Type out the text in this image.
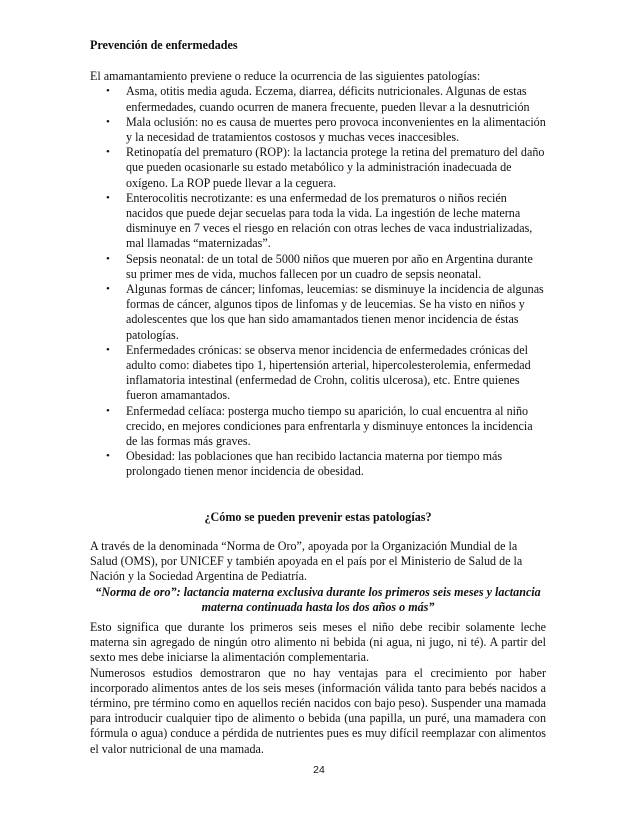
Prevención de enfermedades

El amamantamiento previene o reduce la ocurrencia de las siguientes patologías:

• Asma, otitis media aguda. Eczema, diarrea, déficits nutricionales. Algunas de estas enfermedades, cuando ocurren de manera frecuente, pueden llevar a la desnutrición
• Mala oclusión: no es causa de muertes pero provoca inconvenientes en la alimentación y la necesidad de tratamientos costosos y muchas veces inaccesibles.
• Retinopatía del prematuro (ROP): la lactancia protege la retina del prematuro del daño que pueden ocasionarle su estado metabólico y la administración inadecuada de oxígeno. La ROP puede llevar a la ceguera.
• Enterocolitis necrotizante: es una enfermedad de los prematuros o niños recién nacidos que puede dejar secuelas para toda la vida. La ingestión de leche materna disminuye en 7 veces el riesgo en relación con otras leches de vaca industrializadas, mal llamadas “maternizadas”.
• Sepsis neonatal: de un total de 5000 niños que mueren por año en Argentina durante su primer mes de vida, muchos fallecen por un cuadro de sepsis neonatal.
• Algunas formas de cáncer; linfomas, leucemias: se disminuye la incidencia de algunas formas de cáncer, algunos tipos de linfomas y de leucemias. Se ha visto en niños y adolescentes que los que han sido amamantados tienen menor incidencia de éstas patologías.
• Enfermedades crónicas: se observa menor incidencia de enfermedades crónicas del adulto como: diabetes tipo 1, hipertensión arterial, hipercolesterolemia, enfermedad inflamatoria intestinal (enfermedad de Crohn, colitis ulcerosa), etc. Entre quienes fueron amamantados.
• Enfermedad celíaca: posterga mucho tiempo su aparición, lo cual encuentra al niño crecido, en mejores condiciones para enfrentarla y disminuye entonces la incidencia de las formas más graves.
• Obesidad: las poblaciones que han recibido lactancia materna por tiempo más prolongado tienen menor incidencia de obesidad.
¿Cómo se pueden prevenir estas patologías?

A través de la denominada “Norma de Oro”, apoyada por la Organización Mundial de la Salud (OMS), por UNICEF y también apoyada en el país por el Ministerio de Salud de la Nación y la Sociedad Argentina de Pediatría.

“Norma de oro”: lactancia materna exclusiva durante los primeros seis meses y lactancia materna continuada hasta los dos años o más”

Esto significa que durante los primeros seis meses el niño debe recibir solamente leche materna sin agregado de ningún otro alimento ni bebida (ni agua, ni jugo, ni té). A partir del sexto mes debe iniciarse la alimentación complementaria.

Numerosos estudios demostraron que no hay ventajas para el crecimiento por haber incorporado alimentos antes de los seis meses (información válida tanto para bebés nacidos a término, pre término como en aquellos recién nacidos con bajo peso). Suspender una mamada para introducir cualquier tipo de alimento o bebida (una papilla, un puré, una mamadera con fórmula o agua) conduce a pérdida de nutrientes pues es muy difícil reemplazar con alimentos el valor nutricional de una mamada.

24
